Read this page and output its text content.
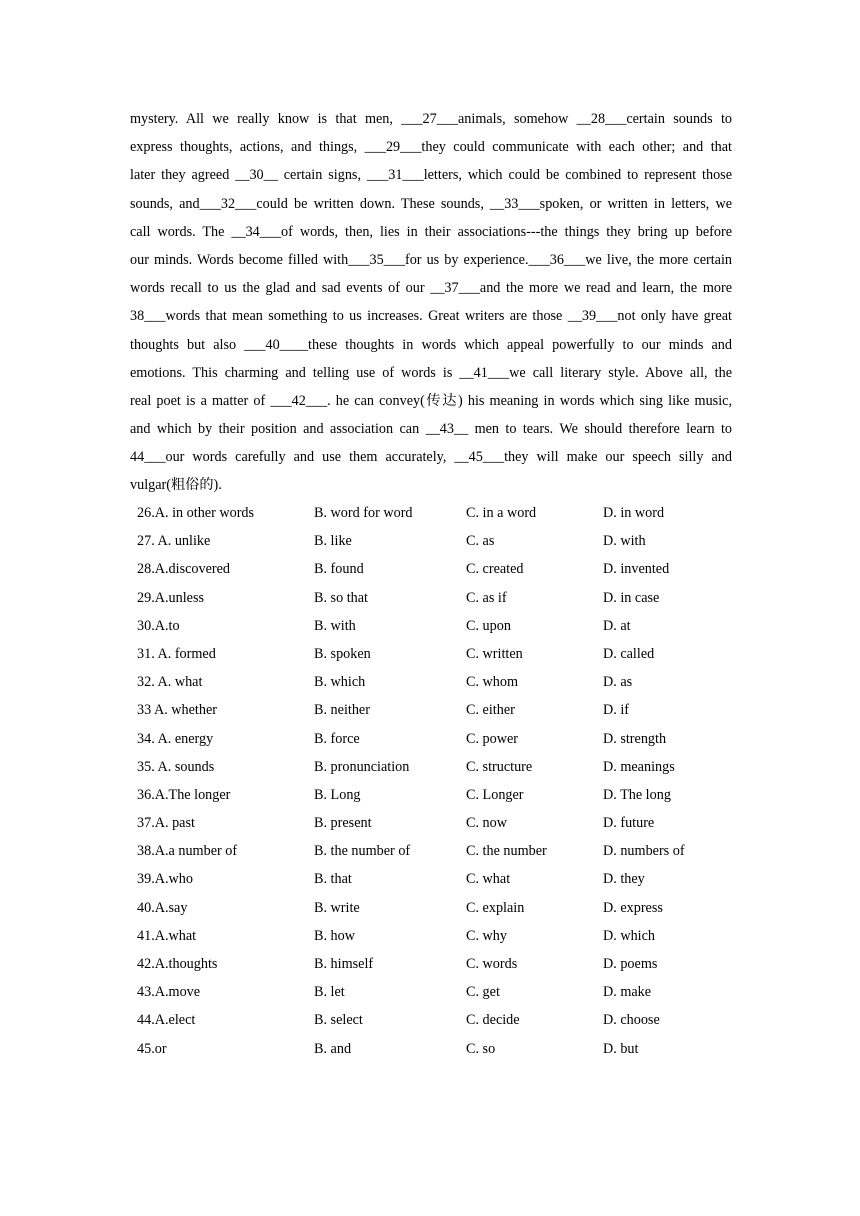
mystery. All we really know is that men, ___27___animals, somehow __28___certain sounds to
express thoughts, actions, and things, ___29___they could communicate with each other; and that
later they agreed __30__ certain signs, ___31___letters, which could be combined to represent those
sounds, and___32___could be written down. These sounds, __33___spoken, or written in letters, we
call words. The __34___of words, then, lies in their associations---the things they bring up before
our minds. Words become filled with___35___for us by experience.___36___we live, the more certain
words recall to us the glad and sad events of our __37___and the more we read and learn, the more
38___words that mean something to us increases. Great writers are those __39___not only have great
thoughts but also ___40____these thoughts in words which appeal powerfully to our minds and
emotions. This charming and telling use of words is __41___we call literary style. Above all, the
real poet is a matter of ___42___. he can convey(传达) his meaning in words which sing like music,
and which by their position and association can __43__ men to tears. We should therefore learn to
44___our words carefully and use them accurately, __45___they will make our speech silly and
vulgar(粗俗的).
26.A. in other words	B. word for word	C. in a word	D. in word
27. A. unlike	B. like	C. as	D. with
28.A.discovered	B. found	C. created	D. invented
29.A.unless	B. so that	C. as if	D. in case
30.A.to	B. with	C. upon	D. at
31. A. formed	B. spoken	C. written	D. called
32. A. what	B. which	C. whom	D. as
33 A. whether	B. neither	C. either	D. if
34. A. energy	B. force	C. power	D. strength
35. A. sounds	B. pronunciation	C. structure	D. meanings
36.A.The longer	B. Long	C. Longer	D. The long
37.A. past	B. present	C. now	D. future
38.A.a number of	B. the number of	C. the number	D. numbers of
39.A.who	B. that	C. what	D. they
40.A.say	B. write	C. explain	D. express
41.A.what	B. how	C. why	D. which
42.A.thoughts	B. himself	C. words	D. poems
43.A.move	B. let	C. get	D. make
44.A.elect	B. select	C. decide	D. choose
45.or	B. and	C. so	D. but
